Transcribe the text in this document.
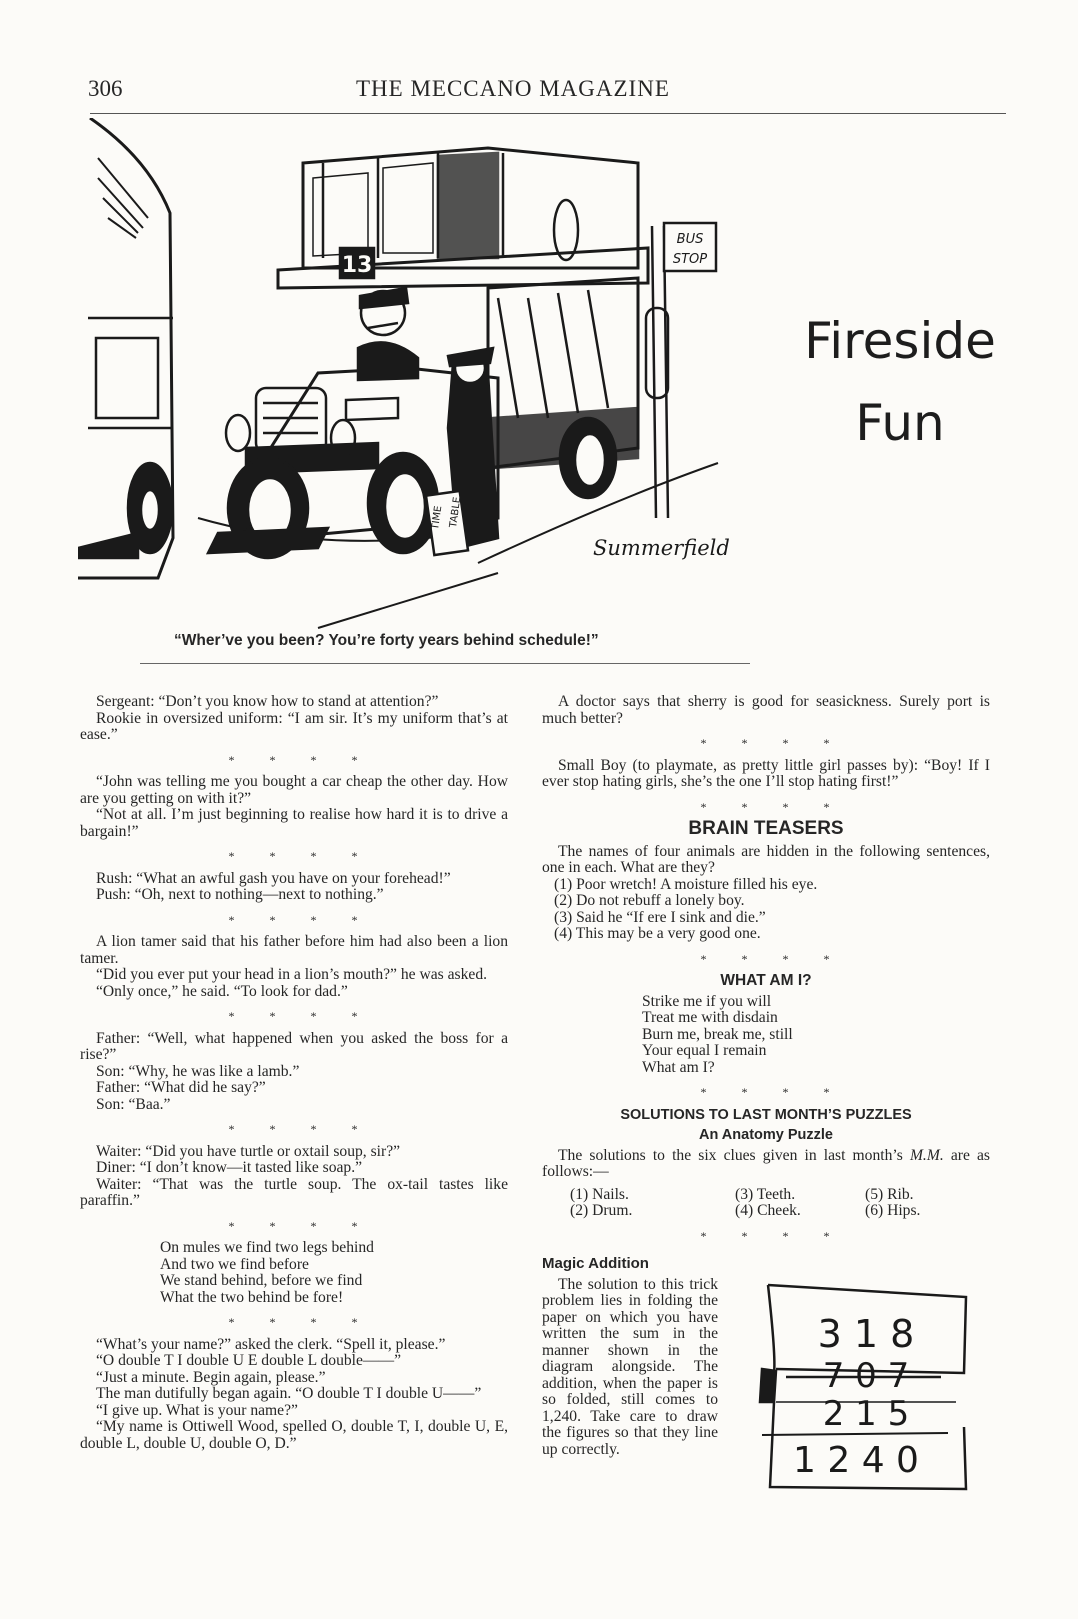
306	THE MECCANO MAGAZINE
13
TIME TABLE
BUS
STOP
Summerfield
Fireside
Fun
“Wher’ve you been? You’re forty years behind schedule!”

Sergeant: “Don’t you know how to stand at attention?”

Rookie in oversized uniform: “I am sir. It’s my uniform that’s at ease.”

* * * *

“John was telling me you bought a car cheap the other day. How are you getting on with it?”

“Not at all. I’m just beginning to realise how hard it is to drive a bargain!”

* * * *

Rush: “What an awful gash you have on your forehead!”

Push: “Oh, next to nothing—next to nothing.”

* * * *

A lion tamer said that his father before him had also been a lion tamer.

“Did you ever put your head in a lion’s mouth?” he was asked.

“Only once,” he said. “To look for dad.”

* * * *

Father: “Well, what happened when you asked the boss for a rise?”

Son: “Why, he was like a lamb.”

Father: “What did he say?”

Son: “Baa.”

* * * *

Waiter: “Did you have turtle or oxtail soup, sir?”

Diner: “I don’t know—it tasted like soap.”

Waiter: “That was the turtle soup. The ox-tail tastes like paraffin.”

* * * *

On mules we find two legs behind

And two we find before

We stand behind, before we find

What the two behind be fore!

* * * *

“What’s your name?” asked the clerk. “Spell it, please.”

“O double T I double U E double L double——”

“Just a minute. Begin again, please.”

The man dutifully began again. “O double T I double U——”

“I give up. What is your name?”

“My name is Ottiwell Wood, spelled O, double T, I, double U, E, double L, double U, double O, D.”

A doctor says that sherry is good for seasickness. Surely port is much better?

* * * *

Small Boy (to playmate, as pretty little girl passes by): “Boy! If I ever stop hating girls, she’s the one I’ll stop hating first!”

* * * *
BRAIN TEASERS

The names of four animals are hidden in the following sentences, one in each. What are they?

(1) Poor wretch! A moisture filled his eye.

(2) Do not rebuff a lonely boy.

(3) Said he “If ere I sink and die.”

(4) This may be a very good one.

* * * *
WHAT AM I?

Strike me if you will

Treat me with disdain

Burn me, break me, still

Your equal I remain

What am I?

* * * *
SOLUTIONS TO LAST MONTH’S PUZZLES
An Anatomy Puzzle

The solutions to the six clues given in last month’s M.M. are as follows:—

(1) Nails.	(3) Teeth.	(5) Rib.
(2) Drum.	(4) Cheek.	(6) Hips.
* * * *
Magic Addition

The solution to this trick problem lies in folding the paper on which you have written the sum in the manner shown in the diagram alongside. The addition, when the paper is so folded, still comes to 1,240. Take care to draw the figures so that they line up correctly.

3 1 8
7 0 7
2 1 5
1 2 4 0
